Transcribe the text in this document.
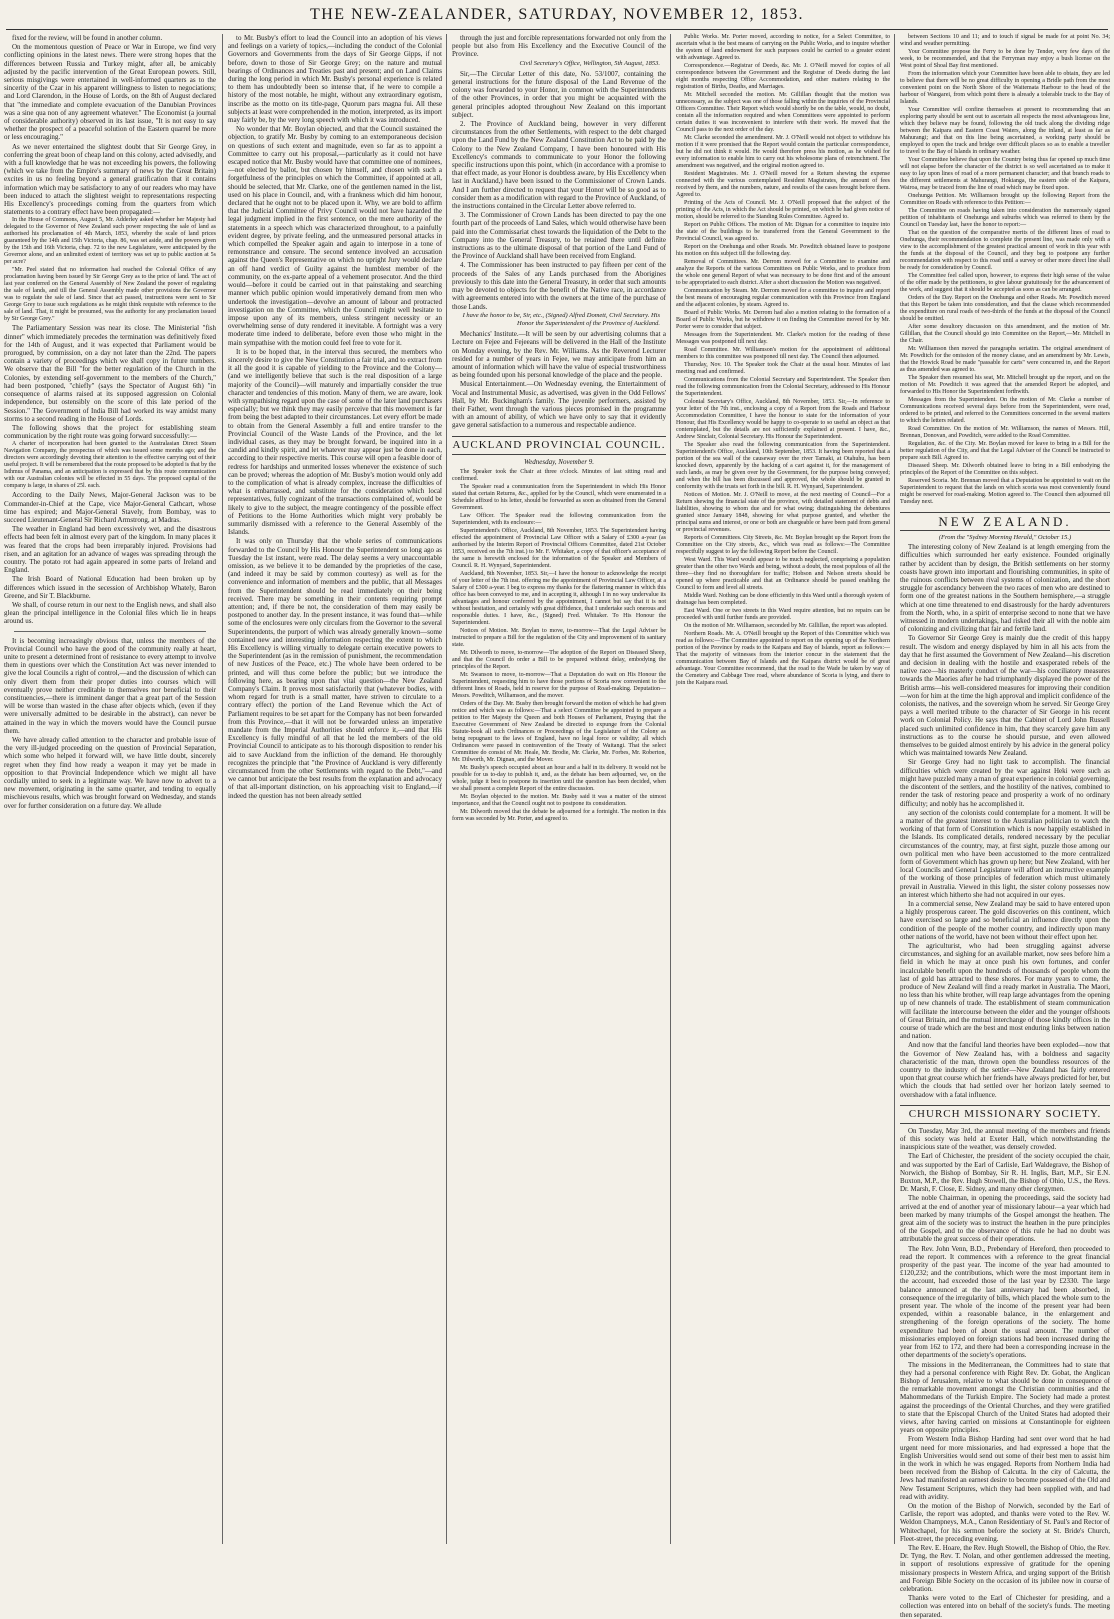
THE NEW-ZEALANDER, SATURDAY, NOVEMBER 12, 1853.

fixed for the review, will be found in another column.

On the momentous question of Peace or War in Europe, we find very conflicting opinions in the latest news. There were strong hopes that the differences between Russia and Turkey might, after all, be amicably adjusted by the pacific intervention of the Great European powers. Still, serious misgivings were entertained in well-informed quarters as to the sincerity of the Czar in his apparent willingness to listen to negociations; and Lord Clarendon, in the House of Lords, on the 8th of August declared that "the immediate and complete evacuation of the Danubian Provinces was a sine qua non of any agreement whatever." The Economist (a journal of considerable authority) observed in its last issue, "It is not easy to say whether the prospect of a peaceful solution of the Eastern quarrel be more or less encouraging."

As we never entertained the slightest doubt that Sir George Grey, in conferring the great boon of cheap land on this colony, acted advisedly, and with a full knowledge that he was not exceeding his powers, the following (which we take from the Empire's summary of news by the Great Britain) excites in us no feeling beyond a general gratification that it contains information which may be satisfactory to any of our readers who may have been induced to attach the slightest weight to representations respecting His Excellency's proceedings coming from the quarters from which statements to a contrary effect have been propagated:—

In the House of Commons, August 5, Mr. Adderley asked whether her Majesty had delegated to the Governor of New Zealand such power respecting the sale of land as authorised his proclamation of 4th March, 1853, whereby the scale of land prices guaranteed by the 14th and 15th Victoria, chap. 86, was set aside, and the powers given by the 15th and 16th Victoria, chap. 72 to the new Legislature, were anticipated by the Governor alone, and an unlimited extent of territory was set up to public auction at 5s per acre?

"Mr. Peel stated that no information had reached the Colonial Office of any proclamation having been issued by Sir George Grey as to the price of land. The act of last year conferred on the General Assembly of New Zealand the power of regulating the sale of lands, and till the General Assembly made other provisions the Governor was to regulate the sale of land. Since that act passed, instructions were sent to Sir George Grey to issue such regulations as he might think requisite with reference to the sale of land. That, it might be presumed, was the authority for any proclamation issued by Sir George Grey."

The Parliamentary Session was near its close. The Ministerial "fish dinner" which immediately precedes the termination was definitively fixed for the 14th of August, and it was expected that Parliament would be prorogued, by commission, on a day not later than the 22nd. The papers contain a variety of proceedings which we shall copy in future numbers. We observe that the Bill "for the better regulation of the Church in the Colonies, by extending self-government to the members of the Church," had been postponed, "chiefly" (says the Spectator of August 6th) "in consequence of alarms raised at its supposed aggression on Colonial independence, but ostensibly on the score of this late period of the Session." The Government of India Bill had worked its way amidst many storms to a second reading in the House of Lords.

The following shows that the project for establishing steam communication by the right route was going forward successfully:—

A charter of incorporation had been granted to the Australasian Direct Steam Navigation Company, the prospectus of which was issued some months ago; and the directors were accordingly devoting their attention to the effective carrying out of their useful project. It will be remembered that the route proposed to be adopted is that by the Isthmus of Panama, and an anticipation is expressed that by this route communication with our Australian colonies will be effected in 55 days. The proposed capital of the company is large, in shares of 25l. each.

According to the Daily News, Major-General Jackson was to be Commander-in-Chief at the Cape, vice Major-General Cathcart, whose time has expired; and Major-General Stavely, from Bombay, was to succeed Lieutenant-General Sir Richard Armstrong, at Madras.

The weather in England had been excessively wet, and the disastrous effects had been felt in almost every part of the kingdom. In many places it was feared that the crops had been irreparably injured. Provisions had risen, and an agitation for an advance of wages was spreading through the country. The potato rot had again appeared in some parts of Ireland and England.

The Irish Board of National Education had been broken up by differences which issued in the secession of Archbishop Whately, Baron Greene, and Sir T. Blackburne.

We shall, of course return in our next to the English news, and shall also glean the principal intelligence in the Colonial files which lie in heaps around us.

It is becoming increasingly obvious that, unless the members of the Provincial Council who have the good of the community really at heart, unite to present a determined front of resistance to every attempt to involve them in questions over which the Constitution Act was never intended to give the local Councils a right of control,—and the discussion of which can only divert them from their proper duties into courses which will eventually prove neither creditable to themselves nor beneficial to their constituencies,—there is imminent danger that a great part of the Session will be worse than wasted in the chase after objects which, (even if they were universally admitted to be desirable in the abstract), can never be attained in the way in which the movers would have the Council pursue them.

We have already called attention to the character and probable issue of the very ill-judged proceeding on the question of Provincial Separation, which some who helped it forward will, we have little doubt, sincerely regret when they find how ready a weapon it may yet be made in opposition to that Provincial Independence which we might all have cordially united to seek in a legitimate way. We have now to advert to a new movement, originating in the same quarter, and tending to equally mischievous results, which was brought forward on Wednesday, and stands over for further consideration on a future day. We allude

to Mr. Busby's effort to lead the Council into an adoption of his views and feelings on a variety of topics,—including the conduct of the Colonial Governors and Governments from the days of Sir George Gipps, if not before, down to those of Sir George Grey; on the nature and mutual bearings of Ordinances and Treaties past and present; and on Land Claims during the long period in which Mr. Busby's personal experience is related to them has undoubtedly been so intense that, if he were to compile a history of the most notable, he might, without any extraordinary egotism, inscribe as the motto on its title-page, Quorum pars magna fui. All these subjects at least were comprehended in the motion, interpreted, as its import may fairly be, by the very long speech with which it was introduced.

No wonder that Mr. Boylan objected, and that the Council sustained the objection, to gratify Mr. Busby by coming to an extemporaneous decision on questions of such extent and magnitude, even so far as to appoint a Committee to carry out his proposal,—particularly as it could not have escaped notice that Mr. Busby would have that committee one of nominees,—not elected by ballot, but chosen by himself, and chosen with such a forgetfulness of the principles on which the Committee, if appointed at all, should be selected, that Mr. Clarke, one of the gentlemen named in the list, used on his place in Council, and, with a frankness which did him honour, declared that he ought not to be placed upon it. Why, we are bold to affirm that the Judicial Committee of Privy Council would not have hazarded the legal judgment implied in the first sentence, on the mere authority of the statements in a speech which was characterized throughout, to a painfully evident degree, by private feeling, and the unmeasured personal attacks in which compelled the Speaker again and again to interpose in a tone of remonstrance and censure. The second sentence involved an accusation against the Queen's Representative on which no upright Jury would declare an off hand verdict of Guilty against the humblest member of the community, on the ex-parte appeal of a vehement prosecutor. And the third would—before it could be carried out in that painstaking and searching manner which public opinion would imperatively demand from men who undertook the investigation—devolve an amount of labour and protracted investigation on the Committee, which the Council might well hesitate to impose upon any of its members, unless stringent necessity or an overwhelming sense of duty rendered it inevitable. A fortnight was a very moderate time indeed to deliberate, before even those who might in the main sympathise with the motion could feel free to vote for it.

It is to be hoped that, in the interval thus secured, the members who sincerely desire to give the New Constitution a fair trial, and to extract from it all the good it is capable of yielding to the Province and the Colony—(and we intelligently believe that such is the real disposition of a large majority of the Council)—will maturely and impartially consider the true character and tendencies of this motion. Many of them, we are aware, look with sympathising regard upon the case of some of the later land purchasers especially; but we think they may easily perceive that this movement is far from being the best adapted to their circumstances. Let every effort be made to obtain from the General Assembly a full and entire transfer to the Provincial Council of the Waste Lands of the Province, and the let individual cases, as they may be brought forward, be inquired into in a candid and kindly spirit, and let whatever may appear just be done in each, according to their respective merits. This course will open a feasible door of redress for hardships and unmerited losses whenever the existence of such can be proved; whereas the adoption of Mr. Busby's motion would only add to the complication of what is already complex, increase the difficulties of what is embarrassed, and substitute for the consideration which local representatives, fully cognizant of the transactions complained of, would be likely to give to the subject, the meagre contingency of the possible effect of Petitions to the Home Authorities which might very probably be summarily dismissed with a reference to the General Assembly of the Islands.

It was only on Thursday that the whole series of communications forwarded to the Council by His Honour the Superintendent so long ago as Tuesday the 1st instant, were read. The delay seems a very unaccountable omission, as we believe it to be demanded by the proprieties of the case, (and indeed it may be said by common courtesy) as well as for the convenience and information of members and the public, that all Messages from the Superintendent should be read immediately on their being received. There may be something in their contents requiring prompt attention; and, if there be not, the consideration of them may easily be postponed to another day. In the present instance, it was found that—while some of the enclosures were only circulars from the Governor to the several Superintendents, the purport of which was already generally known—some contained new and interesting information respecting the extent to which His Excellency is willing virtually to delegate certain executive powers to the Superintendent (as in the remission of punishment, the recommendation of new Justices of the Peace, etc.) The whole have been ordered to be printed, and will thus come before the public; but we introduce the following here, as bearing upon that vital question—the New Zealand Company's Claim. It proves most satisfactorily that (whatever bodies, with whom regard for truth is a small matter, have striven to circulate to a contrary effect) the portion of the Land Revenue which the Act of Parliament requires to be set apart for the Company has not been forwarded from this Province,—that it will not be forwarded unless an imperative mandate from the Imperial Authorities should enforce it,—and that His Excellency is fully mindful of all that he led the members of the old Provincial Council to anticipate as to his thorough disposition to render his aid to save Auckland from the infliction of the demand. He thoroughly recognizes the principle that "the Province of Auckland is very differently circumstanced from the other Settlements with regard to the Debt,"—and we cannot but anticipate the best results from the explanation and advocacy of that all-important distinction, on his approaching visit to England,—if indeed the question has not been already settled

through the just and forcible representations forwarded not only from the people but also from His Excellency and the Executive Council of the Province.

Civil Secretary's Office, Wellington, 5th August, 1853.

Sir,—The Circular Letter of this date, No. 53/1007, containing the general instructions for the future disposal of the Land Revenue of the colony was forwarded to your Honor, in common with the Superintendents of the other Provinces, in order that you might be acquainted with the general principles adopted throughout New Zealand on this important subject.

2. The Province of Auckland being, however in very different circumstances from the other Settlements, with respect to the debt charged upon the Land Fund by the New Zealand Constitution Act to be paid by the Colony to the New Zealand Company, I have been honoured with His Excellency's commands to communicate to your Honor the following specific instructions upon this point, which (in accordance with a promise to that effect made, as your Honor is doubtless aware, by His Excellency when last in Auckland,) have been issued to the Commissioner of Crown Lands. And I am further directed to request that your Honor will be so good as to consider them as a modification with regard to the Province of Auckland, of the instructions contained in the Circular Letter above referred to.

3. The Commissioner of Crown Lands has been directed to pay the one fourth part of the proceeds of Land Sales, which would otherwise have been paid into the Commissariat chest towards the liquidation of the Debt to the Company into the General Treasury, to be retained there until definite instructions as to the ultimate disposal of that portion of the Land Fund of the Province of Auckland shall have been received from England.

4. The Commissioner has been instructed to pay fifteen per cent of the proceeds of the Sales of any Lands purchased from the Aborigines previously to this date into the General Treasury, in order that such amounts may be devoted to objects for the benefit of the Native race, in accordance with agreements entered into with the owners at the time of the purchase of those Lands.

I have the honor to be, Sir, etc., (Signed) Alfred Domett, Civil Secretary. His Honor the Superintendent of the Province of Auckland.

Mechanics' Institute.—It will be seen by our advertising columns that a Lecture on Fejee and Fejeeans will be delivered in the Hall of the Institute on Monday evening, by the Rev. Mr. Williams. As the Reverend Lecturer resided for a number of years in Fejee, we may anticipate from him an amount of information which will have the value of especial trustworthiness as being founded upon his personal knowledge of the place and the people.

Musical Entertainment.—On Wednesday evening, the Entertainment of Vocal and Instrumental Music, as advertised, was given in the Odd Fellows' Hall, by Mr. Buckingham's family. The juvenile performers, assisted by their Father, went through the various pieces promised in the programme with an amount of ability, of which we have only to say that it evidently gave general satisfaction to a numerous and respectable audience.

AUCKLAND PROVINCIAL COUNCIL.
Wednesday, November 9.

The Speaker took the Chair at three o'clock. Minutes of last sitting read and confirmed.

The Speaker read a communication from the Superintendent in which His Honor stated that certain Returns, &c., applied for by the Council, which were enumerated in a Schedule affixed to his letter, should be forwarded as soon as obtained from the General Government.

Law Officer. The Speaker read the following communication from the Superintendent, with its enclosure:—

Superintendent's Office, Auckland, 8th November, 1853. The Superintendent having effected the appointment of Provincial Law Officer with a Salary of £300 a-year (as authorised by the Interim Report of Provincial Officers Committee, dated 21st October 1853, received on the 7th inst.) to Mr. F. Whitaker, a copy of that officer's acceptance of the same is herewith enclosed for the information of the Speaker and Members of Council. R. H. Wynyard, Superintendent.

Auckland, 8th November, 1853. Sir,—I have the honour to acknowledge the receipt of your letter of the 7th inst. offering me the appointment of Provincial Law Officer, at a Salary of £300 a-year. I beg to express my thanks for the flattering manner in which this office has been conveyed to me, and in accepting it, although I in no way undervalue its advantages and honour conferred by the appointment, I cannot but say that it is not without hesitation, and certainly with great diffidence, that I undertake such onerous and responsible duties. I have, &c., (Signed) Fred. Whitaker. To His Honour the Superintendent.

Notices of Motion. Mr. Boylan to move, to-morrow—That the Legal Adviser be instructed to prepare a Bill for the regulation of the City and improvement of its sanitary state.

Mr. Dilworth to move, to-morrow—The adoption of the Report on Diseased Sheep, and that the Council do order a Bill to be prepared without delay, embodying the principles of the Report.

Mr. Swanson to move, to-morrow—That a Deputation do wait on His Honour the Superintendent, requesting him to have those portions of Scoria now convenient to the different lines of Roads, held in reserve for the purpose of Road-making. Deputation—Messrs. Powditch, Williamson, and the mover.

Orders of the Day. Mr. Busby then brought forward the motion of which he had given notice and which was as follows:—That a select Committee be appointed to prepare a petition to Her Majesty the Queen and both Houses of Parliament, Praying that the Executive Government of New Zealand be directed to expunge from the Colonial Statute-book all such Ordinances or Proceedings of the Legislature of the Colony as being repugnant to the laws of England, have no legal force or validity; all which Ordinances were passed in contravention of the Treaty of Waitangi. That the select Committee do consist of Mr. Heale, Mr. Brodie, Mr. Clarke, Mr. Forbes, Mr. Roberton, Mr. Dilworth, Mr. Dignan, and the Mover.

Mr. Busby's speech occupied about an hour and a half in its delivery. It would not be possible for us to-day to publish it, and, as the debate has been adjourned, we, on the whole, judge it best to postpone its insertion until the question has been decided, when we shall present a complete Report of the entire discussion.

Mr. Boylan objected to the motion. Mr. Busby said it was a matter of the utmost importance, and that the Council ought not to postpone its consideration.

Mr. Dilworth moved that the debate be adjourned for a fortnight. The motion in this form was seconded by Mr. Porter, and agreed to.

Public Works. Mr. Porter moved, according to notice, for a Select Committee, to ascertain what is the best means of carrying on the Public Works, and to inquire whether the system of land endowment for such purposes could be carried to a greater extent with advantage. Agreed to.

Correspondence.—Registrar of Deeds, &c. Mr. J. O'Neill moved for copies of all correspondence between the Government and the Registrar of Deeds during the last eight months respecting Office Accommodation, and other matters relating to the registration of Births, Deaths, and Marriages.

Mr. Mitchell seconded the motion. Mr. Gillillan thought that the motion was unnecessary, as the subject was one of those falling within the inquiries of the Provincial Officers Committee. Their Report which would shortly be on the table, would, no doubt, contain all the information required and when Committees were appointed to perform certain duties it was inconvenient to interfere with their work. He moved that the Council pass to the next order of the day.

Mr. Clarke seconded the amendment. Mr. J. O'Neill would not object to withdraw his motion if it were promised that the Report would contain the particular correspondence, but he did not think it would. He would therefore press his motion, as he wished for every information to enable him to carry out his wholesome plans of retrenchment. The amendment was negatived, and the original motion agreed to.

Resident Magistrates. Mr. J. O'Neill moved for a Return shewing the expense connected with the various contemplated Resident Magistrates, the amount of fees received by them, and the numbers, nature, and results of the cases brought before them. Agreed to.

Printing of the Acts of Council. Mr. J. O'Neill proposed that the subject of the printing of the Acts, in which the Act should be printed, on which he had given notice of motion, should be referred to the Standing Rules Committee. Agreed to.

Report on Public Offices. The motion of Mr. Dignan for a committee to inquire into the state of the buildings to be transferred from the General Government to the Provincial Council, was agreed to.

Report on the Onehunga and other Roads. Mr. Powditch obtained leave to postpone his motion on this subject till the following day.

Removal of Committees. Mr. Derrom moved for a Committee to examine and analyze the Reports of the various Committees on Public Works, and to produce from the whole one general Report of what was necessary to be done first and of the amount to be appropriated to each district. After a short discussion the Motion was negatived.

Communication by Steam. Mr. Derrom moved for a committee to inquire and report the best means of encouraging regular communication with this Province from England and the adjacent colonies, by steam. Agreed to.

Board of Public Works. Mr. Derrom had also a motion relating to the formation of a Board of Public Works, but he withdrew it on finding the Committee moved for by Mr. Porter were to consider that subject.

Messages from the Superintendent. Mr. Clarke's motion for the reading of these Messages was postponed till next day.

Road Committee. Mr. Williamson's motion for the appointment of additional members to this committee was postponed till next day. The Council then adjourned.

Thursday, Nov. 10. The Speaker took the Chair at the usual hour. Minutes of last meeting read and confirmed.

Communications from the Colonial Secretary and Superintendent. The Speaker then read the following communication from the Colonial Secretary, addressed to His Honour the Superintendent.

Colonial Secretary's Office, Auckland, 8th November, 1853. Sir,—In reference to your letter of the 7th inst., enclosing a copy of a Report from the Roads and Harbour Accommodation Committee, I have the honour to state for the information of your Honour, that His Excellency would be happy to co-operate to so useful an object as that contemplated, but the details are not sufficiently explained at present. I have, &c., Andrew Sinclair, Colonial Secretary. His Honour the Superintendent.

The Speaker also read the following communication from the Superintendent. Superintendent's Office, Auckland, 10th September, 1853. It having been reported that a portion of the sea wall of the causeway over the river Tamaki, at Otahuhu, has been knocked down, apparently by the hacking of a cart against it, for the management of such lands, as may be given over by the Government, for the purpose being conveyed; and when the bill has been discussed and approved, the whole should be granted in conformity with the trusts set forth in the bill. R. H. Wynyard, Superintendent.

Notices of Motion. Mr. J. O'Neill to move, at the next meeting of Council—For a Return shewing the financial state of the province, with detailed statement of debts and liabilities, showing to whom due and for what owing; distinguishing the debentures granted since January 1848, showing for what purpose granted, and whether the principal sums and interest, or one or both are chargeable or have been paid from general or provincial revenues.

Reports of Committees. City Streets, &c. Mr. Boylan brought up the Report from the Committee on the City streets, &c., which was read as follows:—The Committee respectfully suggest to lay the following Report before the Council.

West Ward. This Ward would appear to be much neglected, comprising a population greater than the other two Wards and being, without a doubt, the most populous of all the three—they find no thoroughfare for traffic; Hobson and Nelson streets should be opened up where practicable and that an Ordinance should be passed enabling the Council to form and level all streets.

Middle Ward. Nothing can be done efficiently in this Ward until a thorough system of drainage has been completed.

East Ward. One or two streets in this Ward require attention, but no repairs can be proceeded with until further funds are provided.

On the motion of Mr. Williamson, seconded by Mr. Gillillan, the report was adopted.

Northern Roads. Mr. A. O'Neill brought up the Report of this Committee which was read as follows:—The Committee appointed to report on the opening up of the Northern portion of the Province by roads to the Kaipara and Bay of Islands, report as follows:—That the majority of witnesses from the interior concur in the statement that the communication between Bay of Islands and the Kaipara district would be of great advantage. Your Committee recommend, that the road to the Wade be taken by way of the Cemetery and Cabbage Tree road, where abundance of Scoria is lying, and there to join the Kaipara road.

between Sections 10 and 11; and to touch if signal be made for at point No. 34; wind and weather permitting.

Your Committee propose the Ferry to be done by Tender, very few days of the week, to be recommended, and that the Ferryman may enjoy a bush license on the West point of Shoal Bay first mentioned.

From the information which your Committee have been able to obtain, they are led to believe that there will be no great difficulty in opening a Bridle path from the most convenient point on the North Shore of the Waitemata Harbour to the head of the harbour of Wangarei, from which point there is already a tolerable track to the Bay of Islands.

Your Committee will confine themselves at present to recommending that an exploring party should be sent out to ascertain all respects the most advantageous line, which they believe may be found, following the old track along the dividing ridge between the Kaipara and Eastern Coast Waters, along the inland, at least as far as Mahurangi; and that on this line being ascertained, a working party should be employed to open the track and bridge over difficult places so as to enable a traveller to travel to the Bay of Islands in ordinary weather.

Your Committee believe that upon the Country being thus far opened up much time will not elapse before the character of the district is so well ascertained as to make it easy to lay upon lines of road of a more permanent character; and that branch roads to the different settlements at Mahurangi, Hokianga, the eastern side of the Kaipara, Wairoa, may be traced from the line of road which may be fixed upon.

Onehunga Petition. Mr. Williamson brought up the following Report from the Committee on Roads with reference to this Petition:—

The Committee on roads having taken into consideration the numerously signed petition of inhabitants of Onehunga and suburbs which was referred to them by the Council on Tuesday last, have the honor to report:—

That on the question of the comparative merits of the different lines of road to Onehunga, their recommendation to complete the present line, was made only with a view to the accomplishment of the greatest practical amount of work in this year with the funds at the disposal of the Council, and they beg to postpone any further recommendation with respect to this road until a survey or other more direct line shall be ready for consideration by Council.

The Committee feel called upon, however, to express their high sense of the value of the offer made by the petitioners, to give labour gratuitously for the advancement of the work, and suggest that it should be accepted as soon as can be arranged.

Orders of the Day. Report on the Onehunga and other Roads. Mr. Powditch moved that this Report be taken into consideration, and that the clause which recommended the expenditure on rural roads of two-thirds of the funds at the disposal of the Council should be omitted.

After some desultory discussion on this amendment, and the motion of Mr. Gillillan, that the Council should go into Committee on the Report,—Mr. Mitchell in the Chair.

Mr. Williamson then moved the paragraphs seriatim. The original amendment of Mr. Powditch for the omission of the money clause, and an amendment by Mr. Lewis, that the Howick Road be made "passable for carts" were concurred in, and the Report as thus amended was agreed to.

The Speaker then resumed his seat, Mr. Mitchell brought up the report, and on the motion of Mr. Powditch it was agreed that the amended Report be adopted, and forwarded to His Honor the Superintendent forthwith.

Messages from the Superintendent. On the motion of Mr. Clarke a number of Communications received several days before from the Superintendent, were read, ordered to be printed, and referred to the Committees concerned in the several matters to which the letters related.

Road Committee. On the motion of Mr. Williamson, the names of Messrs. Hill, Brennan, Donovan, and Powditch, were added to the Road Committee.

Regulation, &c. of the City. Mr. Boylan moved for leave to bring in a Bill for the better regulation of the City, and that the Legal Adviser of the Council be instructed to prepare such Bill. Agreed to.

Diseased Sheep. Mr. Dilworth obtained leave to bring in a Bill embodying the principles of the Report of the Committee on this subject.

Reserved Scoria. Mr. Brennan moved that a Deputation be appointed to wait on the Superintendent to request that the lands on which scoria was most conveniently found might be reserved for road-making. Motion agreed to. The Council then adjourned till Tuesday next.

NEW ZEALAND.
(From the "Sydney Morning Herald," October 15.)

The interesting colony of New Zealand is at length emerging from the difficulties which surrounded her early existence. Founded originally rather by accident than by design, the British settlements on her stormy coasts have grown into important and flourishing communities, in spite of the ruinous conflicts between rival systems of colonization, and the short struggle for ascendancy between the two races of men who are destined to form one of the greatest nations in the Southern hemisphere,—a struggle which at one time threatened to end disastrously for the hardy adventurers from the North, who, in a spirit of enterprise second to none that we have witnessed in modern undertakings, had risked their all with the noble aim of colonizing and civilizing that fair and fertile land.

To Governor Sir George Grey is mainly due the credit of this happy result. The wisdom and energy displayed by him in all his acts from the day that he first assumed the Government of New Zealand—his discretion and decision in dealing with the hostile and exasperated rebels of the native race—his masterly conduct of the war—his conciliatory measures towards the Maories after he had triumphantly displayed the power of the British arms—his well-considered measures for improving their condition—won for him at the time the high approval and implicit confidence of the colonists, the natives, and the sovereign whom he served. Sir George Grey pays a well merited tribute to the character of Sir George in his recent work on Colonial Policy. He says that the Cabinet of Lord John Russell placed such unlimited confidence in him, that they scarcely gave him any instructions as to the course he should pursue, and even allowed themselves to be guided almost entirely by his advice in the general policy which was maintained towards New Zealand.

Sir George Grey had no light task to accomplish. The financial difficulties which were created by the war against Heki were such as might have puzzled many a man of great experience in colonial governing, the discontent of the settlers, and the hostility of the natives, combined to render the task of restoring peace and prosperity a work of no ordinary difficulty; and nobly has he accomplished it.

any section of the colonists could contemplate for a moment. It will be a matter of the greatest interest to the Australian politician to watch the working of that form of Constitution which is now happily established in the Islands. Its complicated details, rendered necessary by the peculiar circumstances of the country, may, at first sight, puzzle those among our own political men who have been accustomed to the more centralized form of Government which has grown up here; but New Zealand, with her local Councils and General Legislature will afford an instructive example of the working of those principles of federation which must ultimately prevail in Australia. Viewed in this light, the sister colony possesses now an interest which hitherto she had not acquired in our eyes.

In a commercial sense, New Zealand may be said to have entered upon a highly prosperous career. The gold discoveries on this continent, which have exercised so large and so beneficial an influence directly upon the condition of the people of the mother country, and indirectly upon many other nations of the world, have not been without their effect upon her.

The agriculturist, who had been struggling against adverse circumstances, and sighing for an available market, now sees before him a field in which he may at once push his own fortunes, and confer incalculable benefit upon the hundreds of thousands of people whom the last of gold has attracted to these shores. For many years to come, the produce of New Zealand will find a ready market in Australia. The Maori, no less than his white brother, will reap large advantages from the opening up of new channels of trade. The establishment of steam communication will facilitate the intercourse between the elder and the younger offshoots of Great Britain, and the mutual interchange of those kindly offices in the course of trade which are the best and most enduring links between nation and nation.

And now that the fanciful land theories have been exploded—now that the Governor of New Zealand has, with a boldness and sagacity characteristic of the man, thrown open the boundless resources of the country to the industry of the settler—New Zealand has fairly entered upon that great course which her friends have always predicted for her, but which the clouds that had settled over her horizon lately seemed to overshadow with a fatal influence.

CHURCH MISSIONARY SOCIETY.

On Tuesday, May 3rd, the annual meeting of the members and friends of this society was held at Exeter Hall, which notwithstanding the inauspicious state of the weather, was densely crowded.

The Earl of Chichester, the president of the society occupied the chair, and was supported by the Earl of Carlisle, Earl Waldegrave, the Bishop of Norwich, the Bishop of Bombay, Sir R. H. Inglis, Bart, M.P., Sir E.N. Buxton, M.P., the Rev. Hugh Stowell, the Bishop of Ohio, U.S., the Revs. Dr. Marsh, F. Close, E. Sidney, and many other clergymen.

The noble Chairman, in opening the proceedings, said the society had arrived at the end of another year of missionary labour—a year which had been marked by many triumphs of the Gospel amongst the heathen. The great aim of the society was to instruct the heathen in the pure principles of the Gospel, and to the observance of this rule he had no doubt was attributable the great success of their operations.

The Rev. John Venn, B.D., Prebendary of Hereford, then proceeded to read the report. It commences with a reference to the great financial prosperity of the past year. The income of the year had amounted to £120,232; and the contributions, which were the most important item in the account, had exceeded those of the last year by £2330. The large balance announced at the last anniversary had been absorbed, in consequence of the irregularity of bills, which placed the whole sum to the present year. The whole of the income of the present year had been expended, within a reasonable balance, in the enlargement and strengthening of the foreign operations of the society. The home expenditure had been of about the usual amount. The number of missionaries employed on foreign stations had been increased during the year from 162 to 172, and there had been a corresponding increase in the other departments of the society's operations.

The missions in the Mediterranean, the Committees had to state that they had a personal conference with Right Rev. Dr. Gobat, the Anglican Bishop of Jerusalem, relative to what should be done in consequence of the remarkable movement amongst the Christian communities and the Mahommedans of the Turkish Empire. The Society had made a protest against the proceedings of the Oriental Churches, and they were gratified to state that the Episcopal Church of the United States had adopted their views, after having carried on missions at Constantinople for eighteen years on opposite principles.

From Western India Bishop Harding had sent over word that he had urgent need for more missionaries, and had expressed a hope that the English Universities would send out some of their best men to assist him in the work in which he was engaged. Reports from Northern India had been received from the Bishop of Calcutta. In the city of Calcutta, the Jews had manifested an earnest desire to become possessed of the Old and New Testament Scriptures, which they had been supplied with, and had read with avidity.

On the motion of the Bishop of Norwich, seconded by the Earl of Carlisle, the report was adopted, and thanks were voted to the Rev. W. Weldon Champneys, M.A., Canon Residentiary of St. Paul's and Rector of Whitechapel, for his sermon before the society at St. Bride's Church, Fleet-street, the preceding evening.

The Rev. E. Hoare, the Rev. Hugh Stowell, the Bishop of Ohio, the Rev. Dr. Tyng, the Rev. T. Nolan, and other gentlemen addressed the meeting, in support of resolutions expressive of gratitude for the opening missionary prospects in Western Africa, and urging support of the British and Foreign Bible Society on the occasion of its jubilee now in course of celebration.

Thanks were voted to the Earl of Chichester for presiding, and a collection was entered into on behalf of the society's funds. The meeting then separated.
